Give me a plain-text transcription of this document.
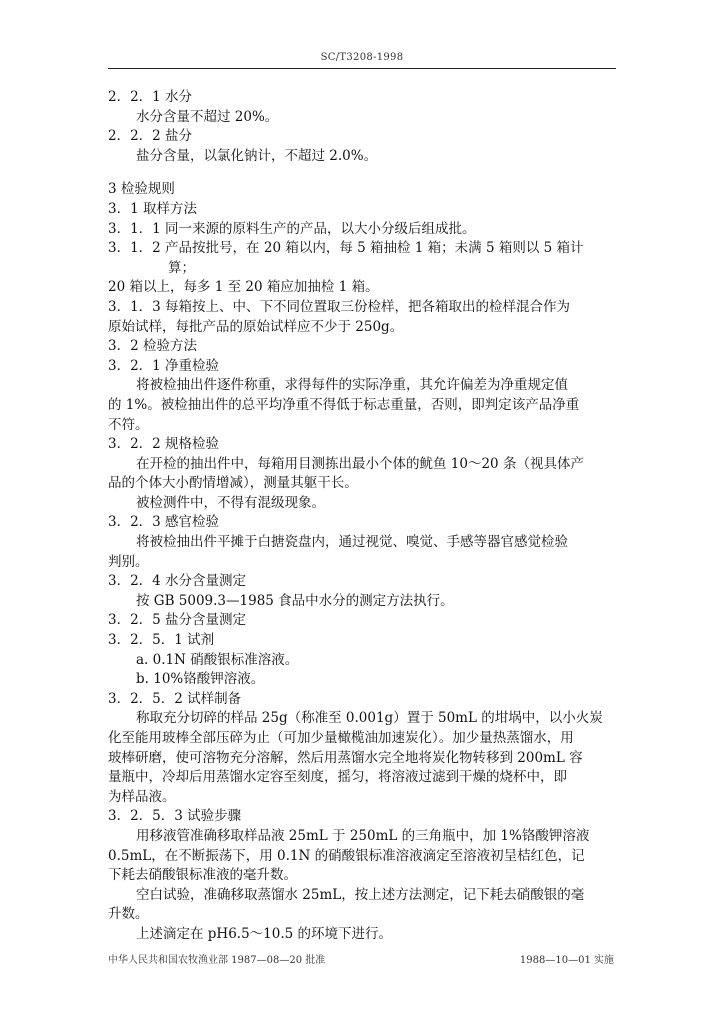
SC/T3208-1998
2．2．1 水分
水分含量不超过 20%。
2．2．2 盐分
盐分含量，以氯化钠计，不超过 2.0%。
3 检验规则
3．1 取样方法
3．1．1 同一来源的原料生产的产品，以大小分级后组成批。
3．1．2 产品按批号，在 20 箱以内，每 5 箱抽检 1 箱；未满 5 箱则以 5 箱计
算；
20 箱以上，每多 1 至 20 箱应加抽检 1 箱。
3．1．3 每箱按上、中、下不同位置取三份检样，把各箱取出的检样混合作为
原始试样，每批产品的原始试样应不少于 250g。
3．2 检验方法
3．2．1 净重检验
将被检抽出件逐件称重，求得每件的实际净重，其允许偏差为净重规定值
的 1%。被检抽出件的总平均净重不得低于标志重量，否则，即判定该产品净重
不符。
3．2．2 规格检验
在开检的抽出件中，每箱用目测拣出最小个体的鱿鱼 10～20 条（视具体产
品的个体大小酌情增减），测量其躯干长。
被检测件中，不得有混级现象。
3．2．3 感官检验
将被检抽出件平摊于白搪瓷盘内，通过视觉、嗅觉、手感等器官感觉检验
判别。
3．2．4 水分含量测定
按 GB 5009.3—1985 食品中水分的测定方法执行。
3．2．5 盐分含量测定
3．2．5．1 试剂
a. 0.1N 硝酸银标准溶液。
b. 10%铬酸钾溶液。
3．2．5．2 试样制备
称取充分切碎的样品 25g（称准至 0.001g）置于 50mL 的坩埚中，以小火炭
化至能用玻棒全部压碎为止（可加少量橄榄油加速炭化）。加少量热蒸馏水，用
玻棒研磨，使可溶物充分溶解，然后用蒸馏水完全地将炭化物转移到 200mL 容
量瓶中，冷却后用蒸馏水定容至刻度，摇匀，将溶液过滤到干燥的烧杯中，即
为样品液。
3．2．5．3 试验步骤
用移液管准确移取样品液 25mL 于 250mL 的三角瓶中，加 1%铬酸钾溶液
0.5mL，在不断振荡下，用 0.1N 的硝酸银标准溶液滴定至溶液初呈桔红色，记
下耗去硝酸银标准液的毫升数。
空白试验，准确移取蒸馏水 25mL，按上述方法测定，记下耗去硝酸银的毫
升数。
上述滴定在 pH6.5～10.5 的环境下进行。
中华人民共和国农牧渔业部 1987—08—20 批准	1988—10—01 实施
